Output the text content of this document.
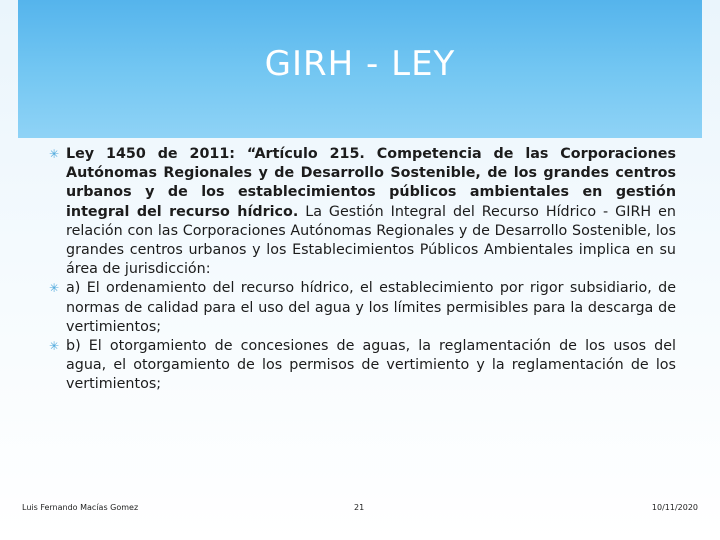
GIRH - LEY
✳ Ley 1450 de 2011: “Artículo 215. Competencia de las Corporaciones Autónomas Regionales y de Desarrollo Sostenible, de los grandes centros urbanos y de los establecimientos públicos ambientales en gestión integral del recurso hídrico. La Gestión Integral del Recurso Hídrico - GIRH en relación con las Corporaciones Autónomas Regionales y de Desarrollo Sostenible, los grandes centros urbanos y los Establecimientos Públicos Ambientales implica en su área de jurisdicción:
✳ a) El ordenamiento del recurso hídrico, el establecimiento por rigor subsidiario, de normas de calidad para el uso del agua y los límites permisibles para la descarga de vertimientos;
✳ b) El otorgamiento de concesiones de aguas, la reglamentación de los usos del agua, el otorgamiento de los permisos de vertimiento y la reglamentación de los vertimientos;
Luis Fernando Macías Gomez	21	10/11/2020
